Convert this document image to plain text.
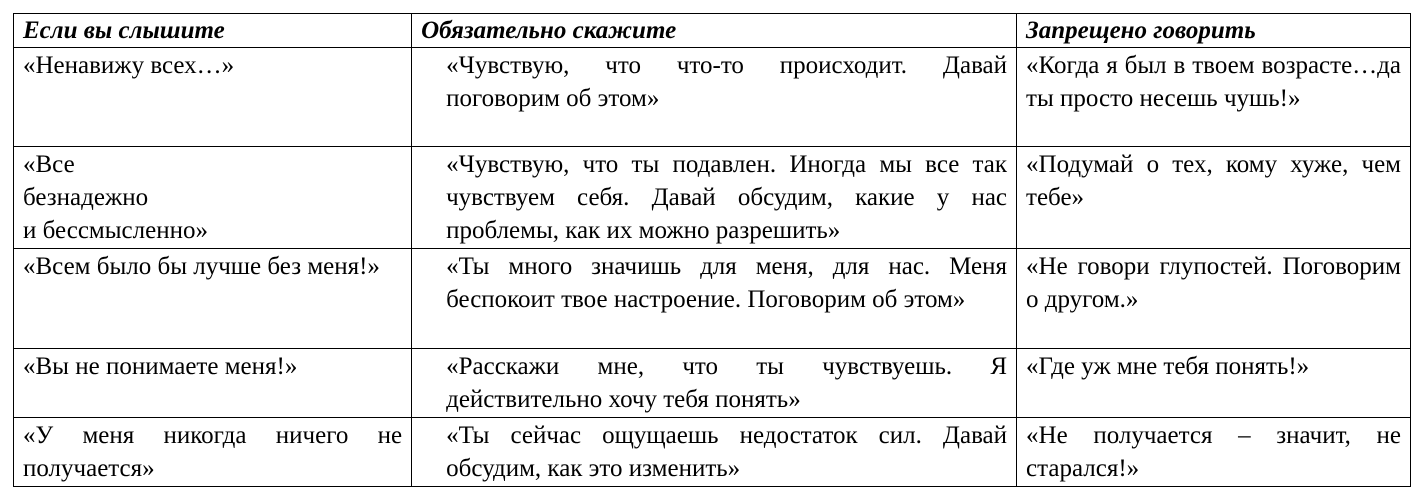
Если вы слышите	Обязательно скажите	Запрещено говорить
«Ненавижу всех…»	«Чувствую, что что-то происходит. Давай поговорим об этом»	«Когда я был в твоем возрасте…да ты просто несешь чушь!»

«Все
безнадежно
и бессмысленно»	«Чувствую, что ты подавлен. Иногда мы все так чувствуем себя. Давай обсудим, какие у нас проблемы, как их можно разрешить»	«Подумай о тех, кому хуже, чем тебе»
«Всем было бы лучше без меня!»	«Ты много значишь для меня, для нас. Меня беспокоит твое настроение. Поговорим об этом»	«Не говори глупостей. Поговорим о другом.»
«Вы не понимаете меня!»	«Расскажи мне, что ты чувствуешь. Я действительно хочу тебя понять»	«Где уж мне тебя понять!»
«У меня никогда ничего не получается»	«Ты сейчас ощущаешь недостаток сил. Давай обсудим, как это изменить»	«Не получается – значит, не старался!»
